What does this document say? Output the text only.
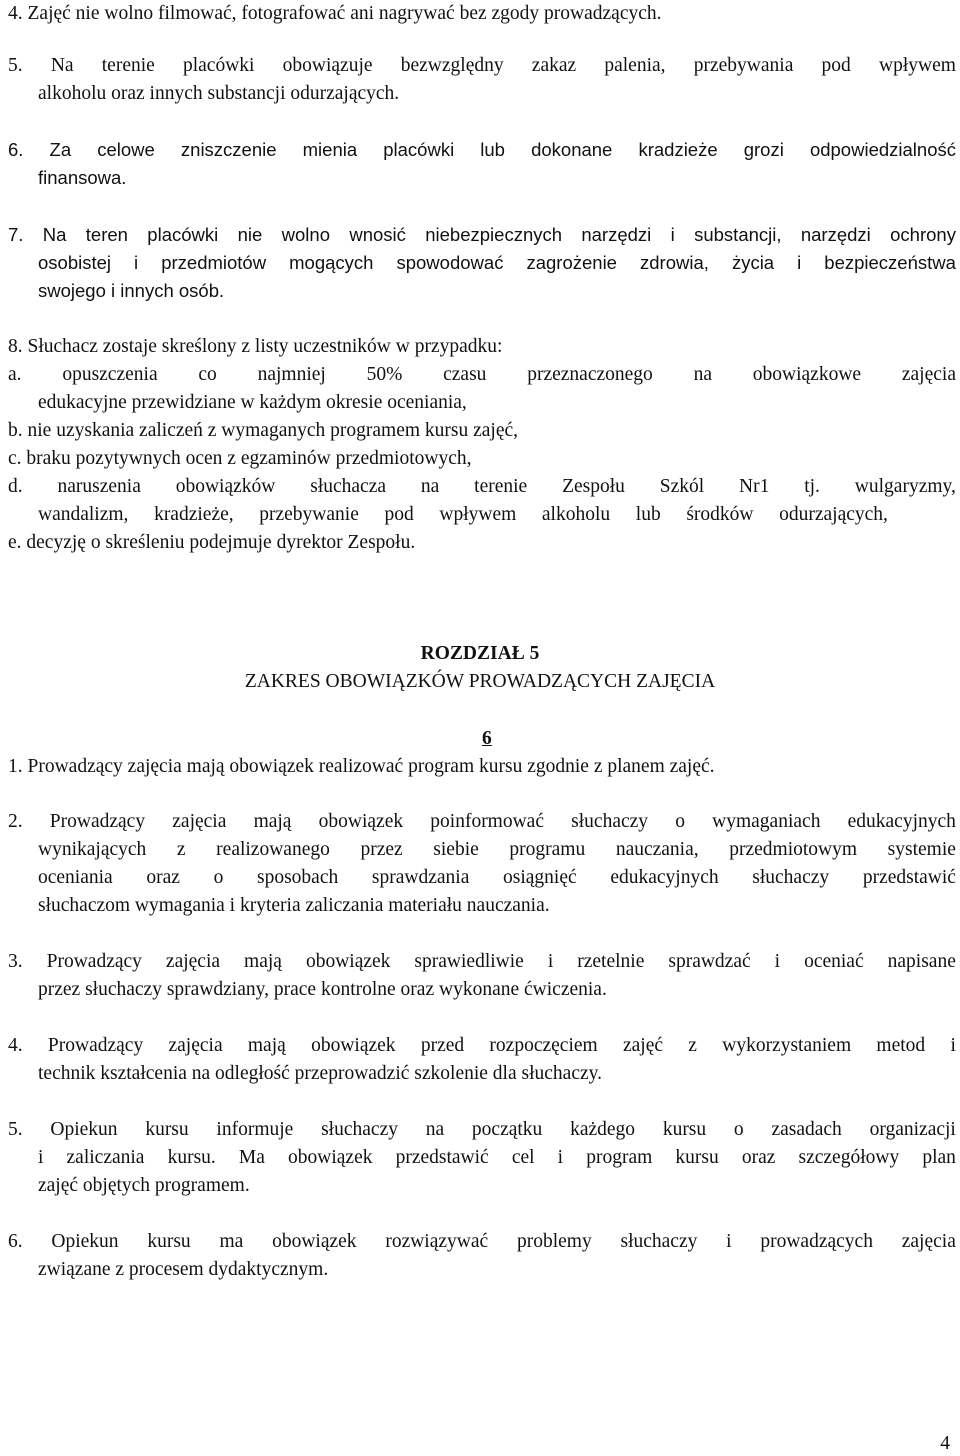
4. Zajęć nie wolno filmować, fotografować ani nagrywać bez zgody prowadzących.
5. Na terenie placówki obowiązuje bezwzględny zakaz palenia, przebywania pod wpływem
alkoholu oraz innych substancji odurzających.
6. Za celowe zniszczenie mienia placówki lub dokonane kradzieże grozi odpowiedzialność
finansowa.
7. Na teren placówki nie wolno wnosić niebezpiecznych narzędzi i substancji, narzędzi ochrony
osobistej i przedmiotów mogących spowodować zagrożenie zdrowia, życia i bezpieczeństwa
swojego i innych osób.
8. Słuchacz zostaje skreślony z listy uczestników w przypadku:
a. opuszczenia co najmniej 50% czasu przeznaczonego na obowiązkowe zajęcia
edukacyjne przewidziane w każdym okresie oceniania,
b. nie uzyskania zaliczeń z wymaganych programem kursu zajęć,
c. braku pozytywnych ocen z egzaminów przedmiotowych,
d. naruszenia obowiązków słuchacza na terenie Zespołu Szkól Nr1 tj. wulgaryzmy,
wandalizm, kradzieże, przebywanie pod wpływem alkoholu lub środków odurzających,
e. decyzję o skreśleniu podejmuje dyrektor Zespołu.
ROZDZIAŁ 5
ZAKRES OBOWIĄZKÓW PROWADZĄCYCH ZAJĘCIA
6
1. Prowadzący zajęcia mają obowiązek realizować program kursu zgodnie z planem zajęć.
2. Prowadzący zajęcia mają obowiązek poinformować słuchaczy o wymaganiach edukacyjnych
wynikających z realizowanego przez siebie programu nauczania, przedmiotowym systemie
oceniania oraz o sposobach sprawdzania osiągnięć edukacyjnych słuchaczy przedstawić
słuchaczom wymagania i kryteria zaliczania materiału nauczania.
3. Prowadzący zajęcia mają obowiązek sprawiedliwie i rzetelnie sprawdzać i oceniać napisane
przez słuchaczy sprawdziany, prace kontrolne oraz wykonane ćwiczenia.
4. Prowadzący zajęcia mają obowiązek przed rozpoczęciem zajęć z wykorzystaniem metod i
technik kształcenia na odległość przeprowadzić szkolenie dla słuchaczy.
5. Opiekun kursu informuje słuchaczy na początku każdego kursu o zasadach organizacji
i zaliczania kursu. Ma obowiązek przedstawić cel i program kursu oraz szczegółowy plan
zajęć objętych programem.
6. Opiekun kursu ma obowiązek rozwiązywać problemy słuchaczy i prowadzących zajęcia
związane z procesem dydaktycznym.
4
